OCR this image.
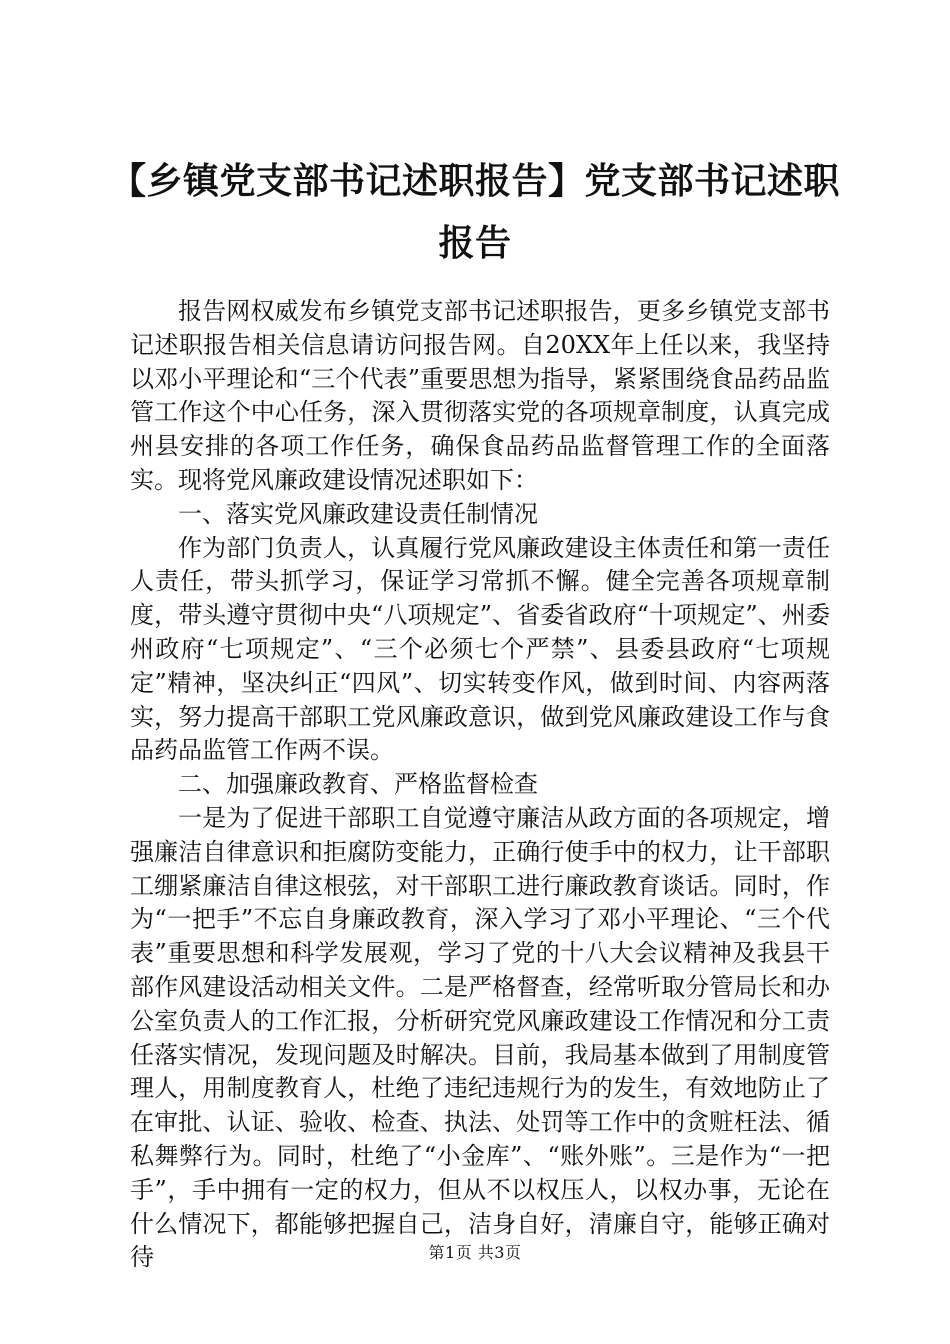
【乡镇党支部书记述职报告】党支部书记述职
报告

报告网权威发布乡镇党支部书记述职报告，更多乡镇党支部书记述职报告相关信息请访问报告网。自20XX年上任以来，我坚持以邓小平理论和“三个代表”重要思想为指导，紧紧围绕食品药品监管工作这个中心任务，深入贯彻落实党的各项规章制度，认真完成州县安排的各项工作任务，确保食品药品监督管理工作的全面落实。现将党风廉政建设情况述职如下：

一、落实党风廉政建设责任制情况

作为部门负责人，认真履行党风廉政建设主体责任和第一责任人责任，带头抓学习，保证学习常抓不懈。健全完善各项规章制度，带头遵守贯彻中央“八项规定”、省委省政府“十项规定”、州委州政府“七项规定”、“三个必须七个严禁”、县委县政府“七项规定”精神，坚决纠正“四风”、切实转变作风，做到时间、内容两落实，努力提高干部职工党风廉政意识，做到党风廉政建设工作与食品药品监管工作两不误。

二、加强廉政教育、严格监督检查

一是为了促进干部职工自觉遵守廉洁从政方面的各项规定，增强廉洁自律意识和拒腐防变能力，正确行使手中的权力，让干部职工绷紧廉洁自律这根弦，对干部职工进行廉政教育谈话。同时，作为“一把手”不忘自身廉政教育，深入学习了邓小平理论、“三个代表”重要思想和科学发展观，学习了党的十八大会议精神及我县干部作风建设活动相关文件。二是严格督查，经常听取分管局长和办公室负责人的工作汇报，分析研究党风廉政建设工作情况和分工责任落实情况，发现问题及时解决。目前，我局基本做到了用制度管理人，用制度教育人，杜绝了违纪违规行为的发生，有效地防止了在审批、认证、验收、检查、执法、处罚等工作中的贪赃枉法、循私舞弊行为。同时，杜绝了“小金库”、“账外账”。三是作为“一把手”，手中拥有一定的权力，但从不以权压人，以权办事，无论在什么情况下，都能够把握自己，洁身自好，清廉自守，能够正确对待	第1页 共3页
